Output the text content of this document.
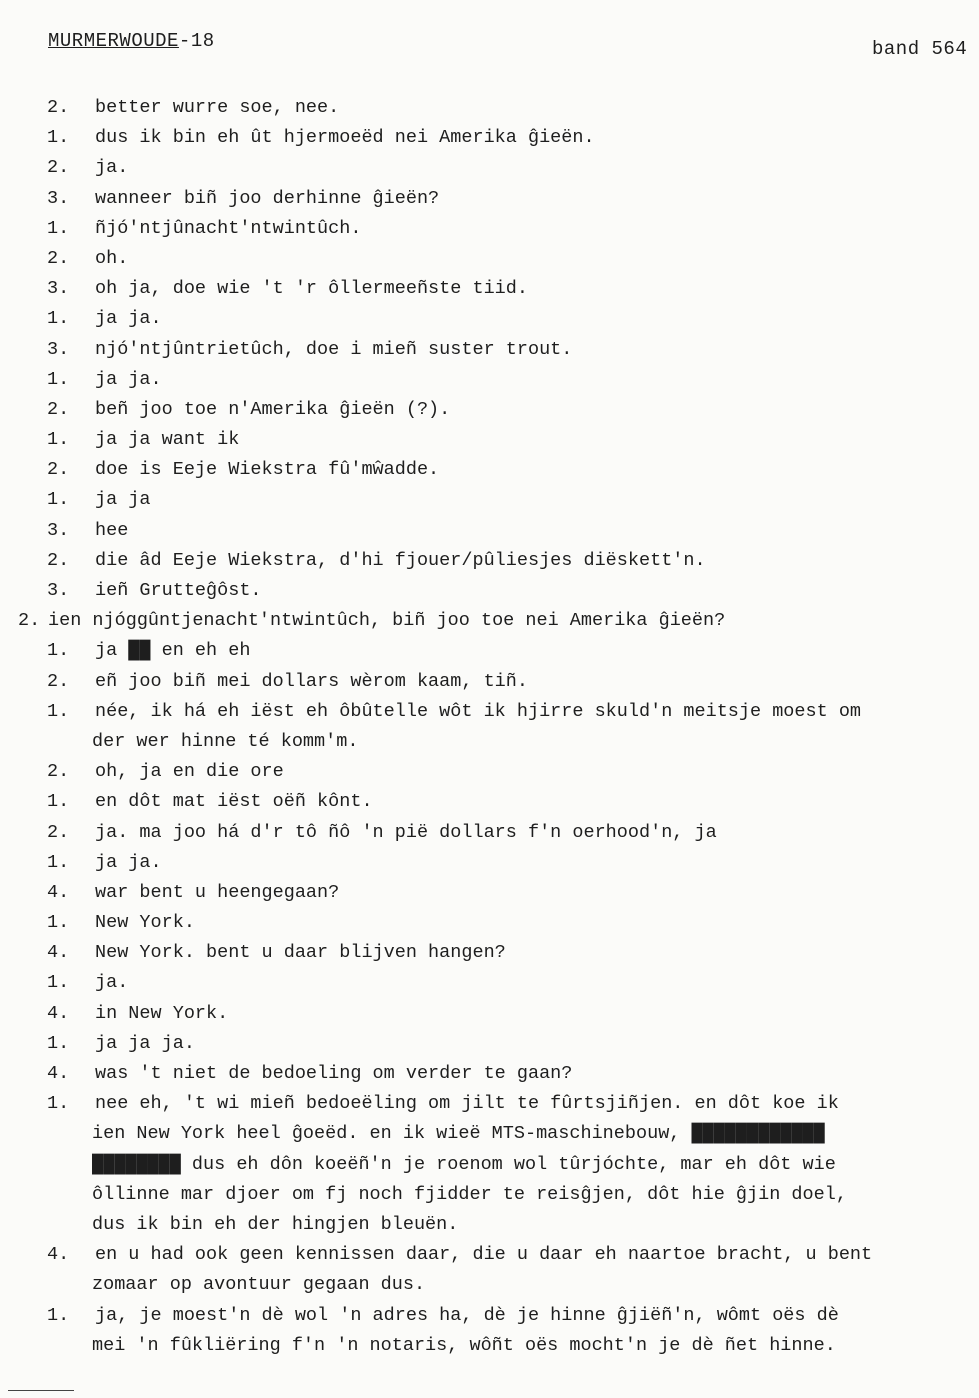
MURMERWOUDE-18	band 564
2. better wurre soe, nee.
1. dus ik bin eh ût hjermoeëd nei Amerika ĝieën.
2. ja.
3. wanneer biñ joo derhinne ĝieën?
1. ñjó'ntjûnacht'ntwintûch.
2. oh.
3. oh ja, doe wie 't 'r ôllermeeñste tiid.
1. ja ja.
3. njó'ntjûntrietûch, doe i mieñ suster trout.
1. ja ja.
2. beñ joo toe n'Amerika ĝieën (?).
1. ja ja want ik
2. doe is Eeje Wiekstra fû'mŵadde.
1. ja ja
3. hee
2. die âd Eeje Wiekstra, d'hi fjouer/pûliesjes diëskett'n.
3. ieñ Grutteĝôst.
2. ien njóggûntjenacht'ntwintûch, biñ joo toe nei Amerika ĝieën?
1. ja ██ en eh eh
2. eñ joo biñ mei dollars wèrom kaam, tiñ.
1. née, ik há eh iëst eh ôbûtelle wôt ik hjirre skuld'n meitsje moest om
der wer hinne té komm'm.
2. oh, ja en die ore
1. en dôt mat iëst oëñ kônt.
2. ja. ma joo há d'r tô ñô 'n pië dollars f'n oerhood'n, ja
1. ja ja.
4. war bent u heengegaan?
1. New York.
4. New York. bent u daar blijven hangen?
1. ja.
4. in New York.
1. ja ja ja.
4. was 't niet de bedoeling om verder te gaan?
1. nee eh, 't wi mieñ bedoeëling om jilt te fûrtsjiñjen. en dôt koe ik
ien New York heel ĝoeëd. en ik wieë MTS-maschinebouw, ████████████
████████ dus eh dôn koeëñ'n je roenom wol tûrjóchte, mar eh dôt wie
ôllinne mar djoer om fj noch fjidder te reisĝjen, dôt hie ĝjin doel,
dus ik bin eh der hingjen bleuën.
4. en u had ook geen kennissen daar, die u daar eh naartoe bracht, u bent
zomaar op avontuur gegaan dus.
1. ja, je moest'n dè wol 'n adres ha, dè je hinne ĝjiëñ'n, wômt oës dè
mei 'n fûkliëring f'n 'n notaris, wôñt oës mocht'n je dè ñet hinne.
